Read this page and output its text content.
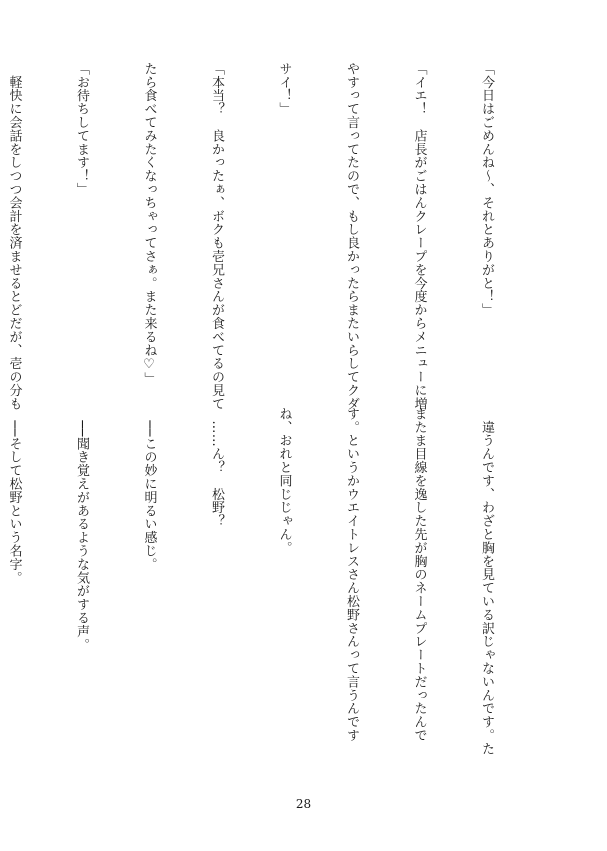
「今日はごめんね～、それとありがと！」

「イエ！　店長がごはんクレープを今度からメニューに増

やすって言ってたので、もし良かったらまたいらしてクダ

サイ！」

「本当？　良かったぁ、ボクも壱兄さんが食べてるの見て

たら食べてみたくなっちゃってさぁ。また来るね♡」

「お待ちしてます！」

　軽快に会話をしつつ会計を済ませるとどだが、壱の分も

　違うんです、わざと胸を見ている訳じゃないんです。た

またま目線を逸した先が胸のネームプレートだったんで

す。というかウエイトレスさん松野さんって言うんです

ね、おれと同じじゃん。

　……ん？　松野？

　──この妙に明るい感じ。

　──聞き覚えがあるような気がする声。

　──そして松野という名字。

28
